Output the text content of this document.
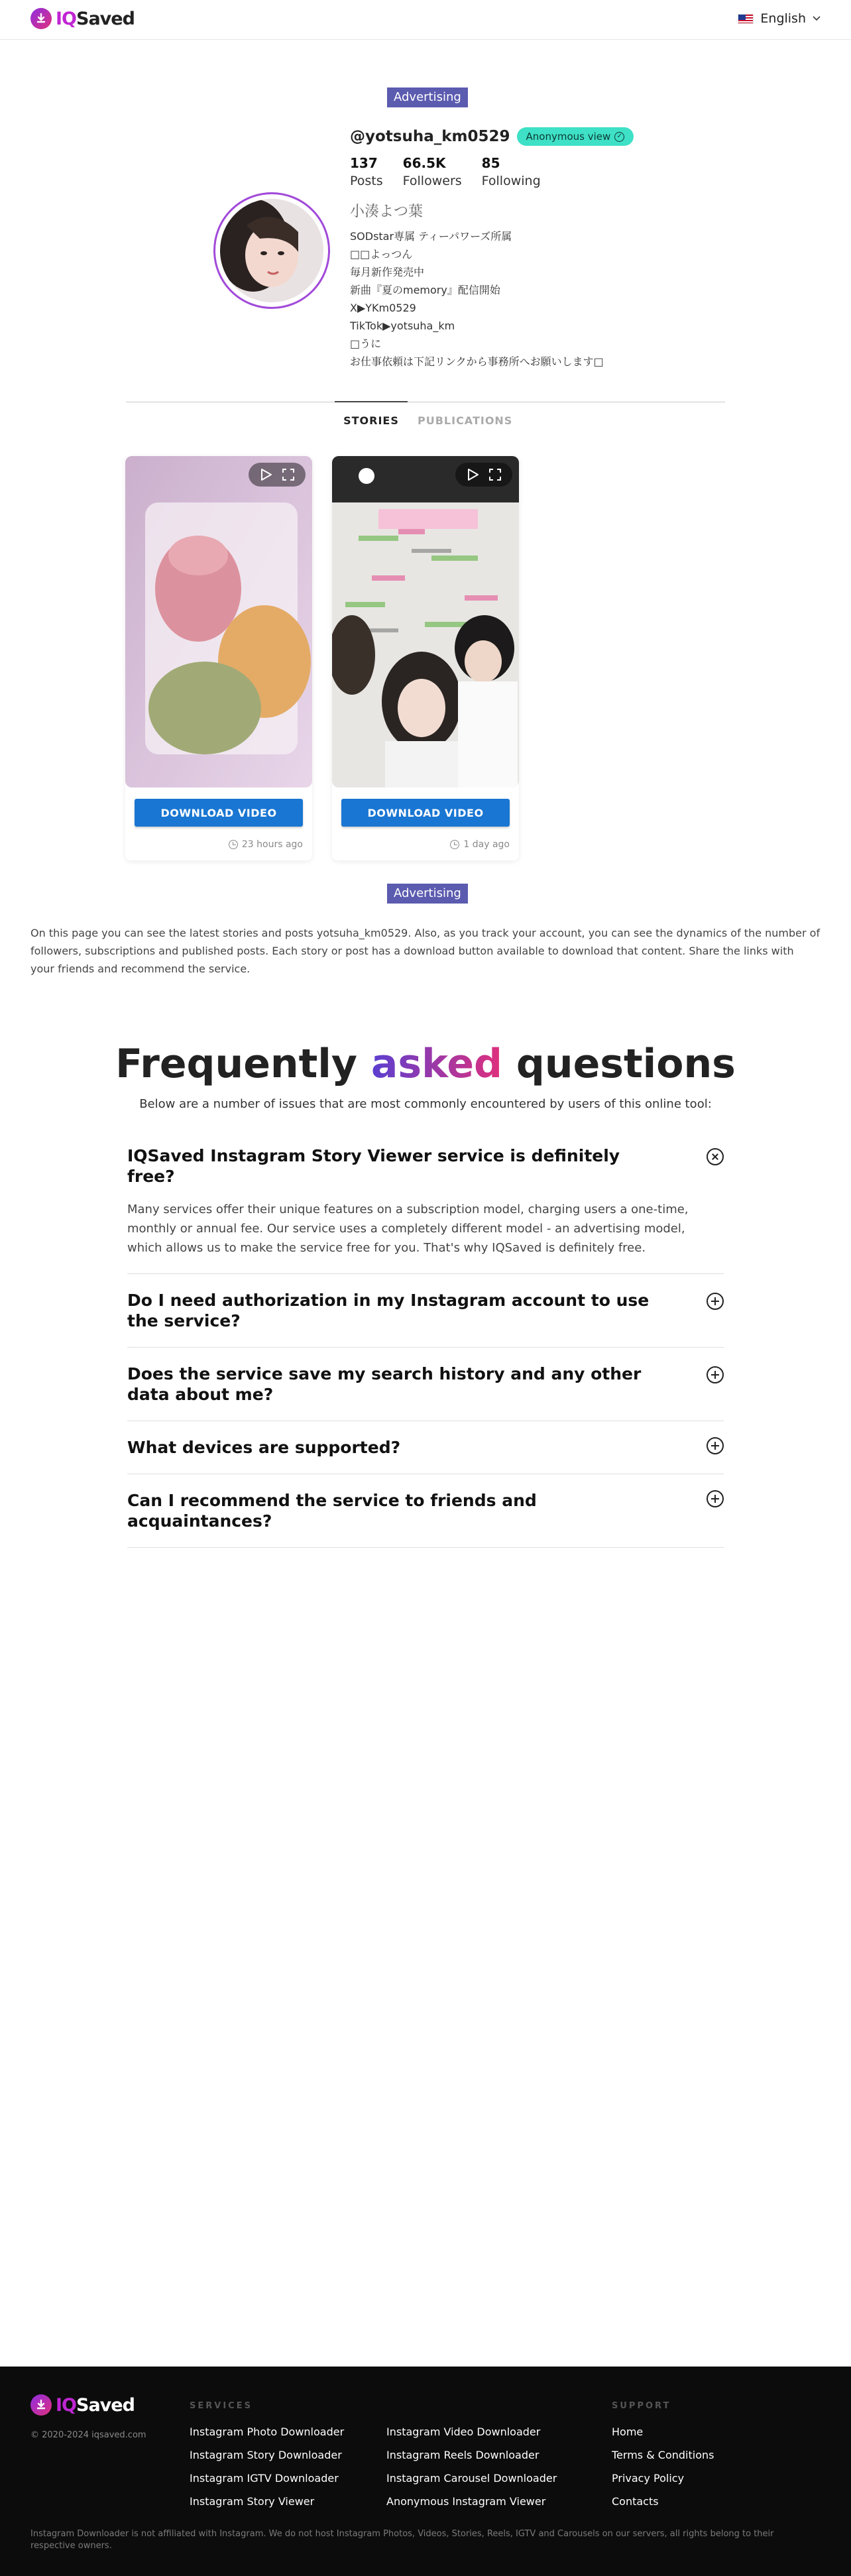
IQSaved	English
Advertising
@yotsuha_km0529 Anonymous view ✓
137
Posts
66.5K
Followers
85
Following
小湊よつ葉
SODstar専属 ティーパワーズ所属
□□よっつん
毎月新作発売中
新曲『夏のmemory』配信開始
X▶YKm0529
TikTok▶yotsuha_km
□うに
お仕事依頼は下記リンクから事務所へお願いします□
STORIES	PUBLICATIONS
DOWNLOAD VIDEO
23 hours ago
DOWNLOAD VIDEO
1 day ago
Advertising
On this page you can see the latest stories and posts yotsuha_km0529. Also, as you track your account, you can see the dynamics of the number of followers, subscriptions and published posts. Each story or post has a download button available to download that content. Share the links with your friends and recommend the service.
Frequently asked questions
Below are a number of issues that are most commonly encountered by users of this online tool:
IQSaved Instagram Story Viewer service is definitely free?
Many services offer their unique features on a subscription model, charging users a one-time, monthly or annual fee. Our service uses a completely different model - an advertising model, which allows us to make the service free for you. That's why IQSaved is definitely free.
Do I need authorization in my Instagram account to use the service?
Does the service save my search history and any other data about me?
What devices are supported?
Can I recommend the service to friends and acquaintances?
IQSaved
© 2020-2024 iqsaved.com
SERVICES
Instagram Photo Downloader
Instagram Story Downloader
Instagram IGTV Downloader
Instagram Story Viewer
Instagram Video Downloader
Instagram Reels Downloader
Instagram Carousel Downloader
Anonymous Instagram Viewer
SUPPORT
Home
Terms & Conditions
Privacy Policy
Contacts
Instagram Downloader is not affiliated with Instagram. We do not host Instagram Photos, Videos, Stories, Reels, IGTV and Carousels on our servers, all rights belong to their respective owners.
